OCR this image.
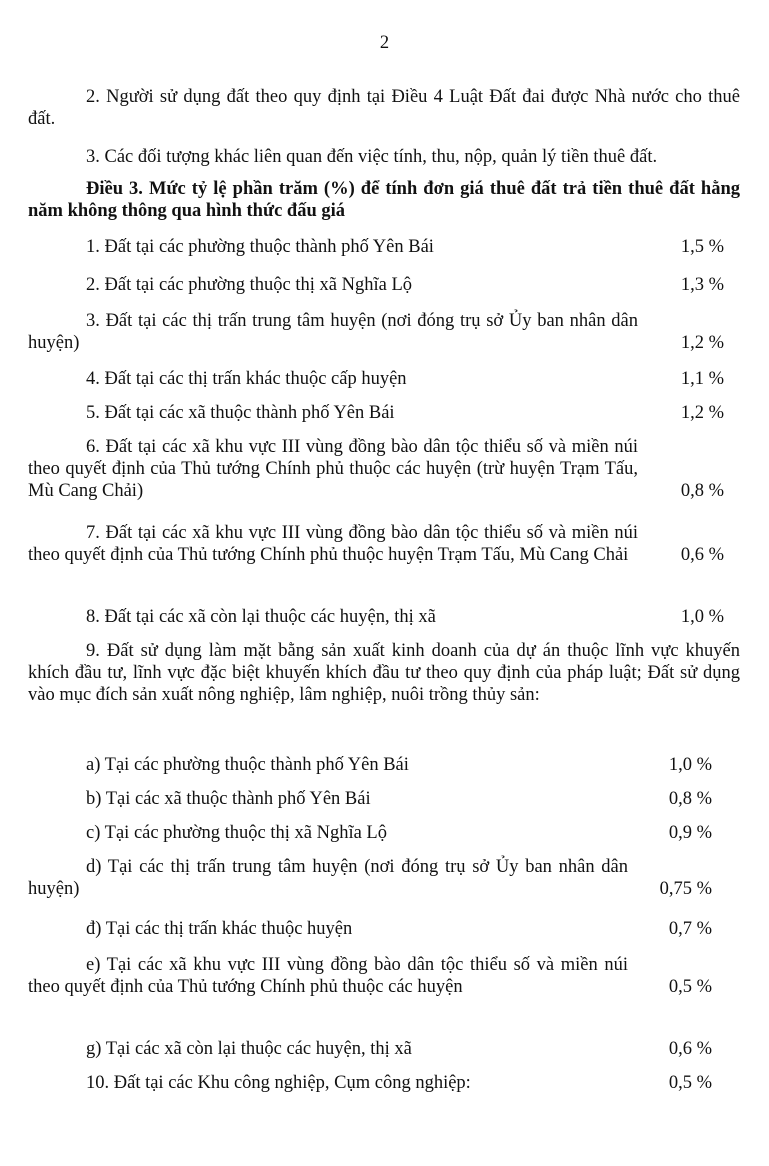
2
2. Người sử dụng đất theo quy định tại Điều 4 Luật Đất đai được Nhà nước cho thuê đất.
3. Các đối tượng khác liên quan đến việc tính, thu, nộp, quản lý tiền thuê đất.
Điều 3. Mức tỷ lệ phần trăm (%) để tính đơn giá thuê đất trả tiền thuê đất hằng năm không thông qua hình thức đấu giá
1. Đất tại các phường thuộc thành phố Yên Bái	1,5 %
2. Đất tại các phường thuộc thị xã Nghĩa Lộ	1,3 %
3. Đất tại các thị trấn trung tâm huyện (nơi đóng trụ sở Ủy ban nhân dân huyện)	1,2 %
4. Đất tại các thị trấn khác thuộc cấp huyện	1,1 %
5. Đất tại các xã thuộc thành phố Yên Bái	1,2 %
6. Đất tại các xã khu vực III vùng đồng bào dân tộc thiểu số và miền núi theo quyết định của Thủ tướng Chính phủ thuộc các huyện (trừ huyện Trạm Tấu, Mù Cang Chải)	0,8 %
7. Đất tại các xã khu vực III vùng đồng bào dân tộc thiểu số và miền núi theo quyết định của Thủ tướng Chính phủ thuộc huyện Trạm Tấu, Mù Cang Chải	0,6 %
8. Đất tại các xã còn lại thuộc các huyện, thị xã	1,0 %
9. Đất sử dụng làm mặt bằng sản xuất kinh doanh của dự án thuộc lĩnh vực khuyến khích đầu tư, lĩnh vực đặc biệt khuyến khích đầu tư theo quy định của pháp luật; Đất sử dụng vào mục đích sản xuất nông nghiệp, lâm nghiệp, nuôi trồng thủy sản:
a) Tại các phường thuộc thành phố Yên Bái	1,0 %
b) Tại các xã thuộc thành phố Yên Bái	0,8 %
c) Tại các phường thuộc thị xã Nghĩa Lộ	0,9 %
d) Tại các thị trấn trung tâm huyện (nơi đóng trụ sở Ủy ban nhân dân huyện)	0,75 %
đ) Tại các thị trấn khác thuộc huyện	0,7 %
e) Tại các xã khu vực III vùng đồng bào dân tộc thiểu số và miền núi theo quyết định của Thủ tướng Chính phủ thuộc các huyện	0,5 %
g) Tại các xã còn lại thuộc các huyện, thị xã	0,6 %
10. Đất tại các Khu công nghiệp, Cụm công nghiệp:	0,5 %
